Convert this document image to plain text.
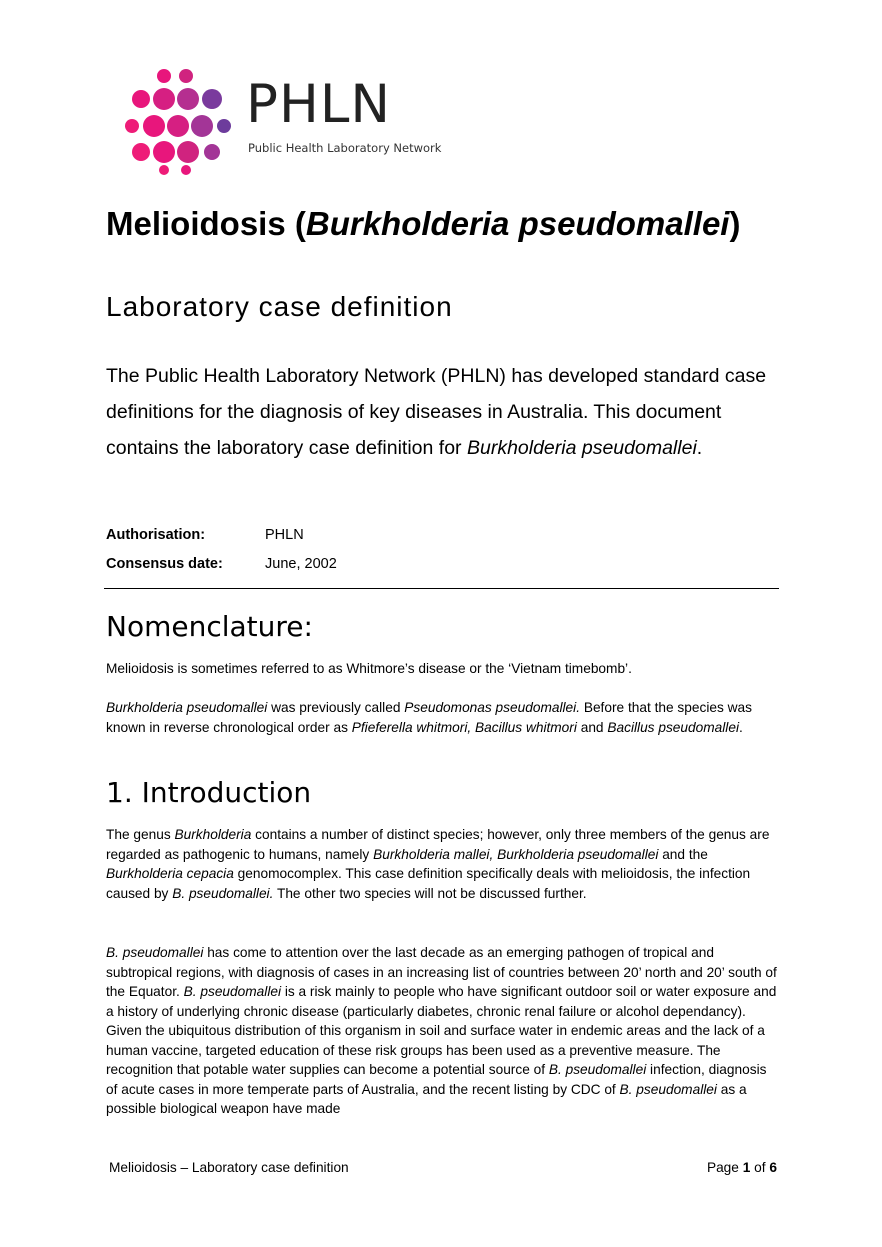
PHLN
Public Health Laboratory Network
Melioidosis (Burkholderia pseudomallei)
Laboratory case definition

The Public Health Laboratory Network (PHLN) has developed standard case definitions for the diagnosis of key diseases in Australia. This document contains the laboratory case definition for Burkholderia pseudomallei.

Authorisation:	PHLN
Consensus date:	June, 2002
Nomenclature:

Melioidosis is sometimes referred to as Whitmore’s disease or the ‘Vietnam timebomb’.

Burkholderia pseudomallei was previously called Pseudomonas pseudomallei. Before that the species was known in reverse chronological order as Pfieferella whitmori, Bacillus whitmori and Bacillus pseudomallei.

1. Introduction

The genus Burkholderia contains a number of distinct species; however, only three members of the genus are regarded as pathogenic to humans, namely Burkholderia mallei, Burkholderia pseudomallei and the Burkholderia cepacia genomocomplex. This case definition specifically deals with melioidosis, the infection caused by B. pseudomallei. The other two species will not be discussed further.

B. pseudomallei has come to attention over the last decade as an emerging pathogen of tropical and subtropical regions, with diagnosis of cases in an increasing list of countries between 20’ north and 20’ south of the Equator. B. pseudomallei is a risk mainly to people who have significant outdoor soil or water exposure and a history of underlying chronic disease (particularly diabetes, chronic renal failure or alcohol dependancy). Given the ubiquitous distribution of this organism in soil and surface water in endemic areas and the lack of a human vaccine, targeted education of these risk groups has been used as a preventive measure. The recognition that potable water supplies can become a potential source of B. pseudomallei infection, diagnosis of acute cases in more temperate parts of Australia, and the recent listing by CDC of B. pseudomallei as a possible biological weapon have made

Melioidosis – Laboratory case definition	Page 1 of 6
